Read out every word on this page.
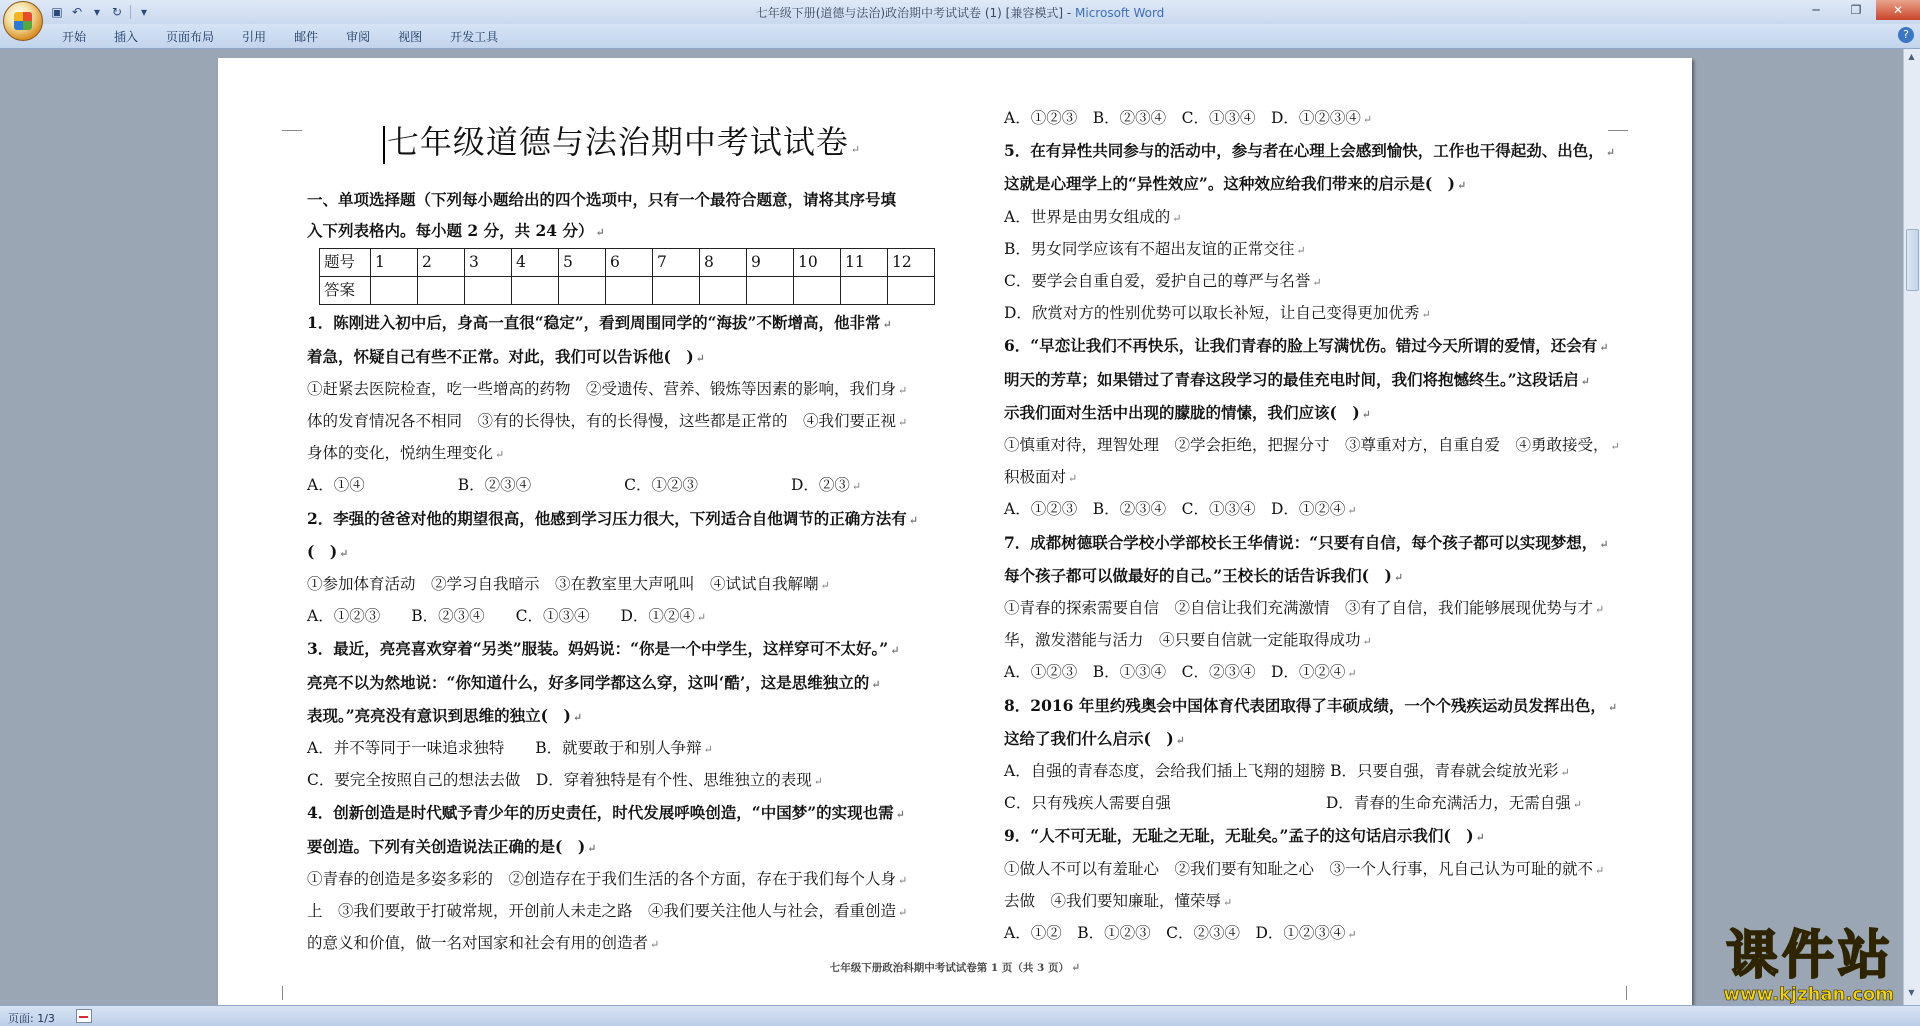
▣ ↶ ▾ ↻	▾	七年级下册(道德与法治)政治期中考试试卷 (1) [兼容模式] - Microsoft Word	─	❐	✕
开始	插入	页面布局	引用	邮件	审阅	视图	开发工具	?
七年级道德与法治期中考试试卷 ↵
一、单项选择题（下列每小题给出的四个选项中，只有一个最符合题意，请将其序号填
入下列表格内。每小题 2 分，共 24 分） ↵
题号	1	2	3	4	5	6	7	8	9	10	11	12
答案												
1．陈刚进入初中后，身高一直很“稳定”，看到周围同学的“海拔”不断增高，他非常 ↵
着急，怀疑自己有些不正常。对此，我们可以告诉他(　) ↵
①赶紧去医院检查，吃一些增高的药物　②受遗传、营养、锻炼等因素的影响，我们身 ↵
体的发育情况各不相同　③有的长得快，有的长得慢，这些都是正常的　④我们要正视 ↵
身体的变化，悦纳生理变化 ↵
A．①④　　　　　　B．②③④　　　　　　C．①②③　　　　　　D．②③ ↵
2．李强的爸爸对他的期望很高，他感到学习压力很大，下列适合自他调节的正确方法有 ↵
(　) ↵
①参加体育活动　②学习自我暗示　③在教室里大声吼叫　④试试自我解嘲 ↵
A．①②③　　B．②③④　　C．①③④　　D．①②④ ↵
3．最近，亮亮喜欢穿着“另类”服装。妈妈说：“你是一个中学生，这样穿可不太好。” ↵
亮亮不以为然地说：“你知道什么，好多同学都这么穿，这叫‘酷’，这是思维独立的 ↵
表现。”亮亮没有意识到思维的独立(　) ↵
A．并不等同于一味追求独特　　B．就要敢于和别人争辩 ↵
C．要完全按照自己的想法去做　D．穿着独特是有个性、思维独立的表现 ↵
4．创新创造是时代赋予青少年的历史责任，时代发展呼唤创造，“中国梦”的实现也需 ↵
要创造。下列有关创造说法正确的是(　) ↵
①青春的创造是多姿多彩的　②创造存在于我们生活的各个方面，存在于我们每个人身 ↵
上　③我们要敢于打破常规，开创前人未走之路　④我们要关注他人与社会，看重创造 ↵
的意义和价值，做一名对国家和社会有用的创造者 ↵
A．①②③　B．②③④　C．①③④　D．①②③④ ↵
5．在有异性共同参与的活动中，参与者在心理上会感到愉快，工作也干得起劲、出色， ↵
这就是心理学上的“异性效应”。这种效应给我们带来的启示是(　) ↵
A．世界是由男女组成的 ↵
B．男女同学应该有不超出友谊的正常交往 ↵
C．要学会自重自爱，爱护自己的尊严与名誉 ↵
D．欣赏对方的性别优势可以取长补短，让自己变得更加优秀 ↵
6．“早恋让我们不再快乐，让我们青春的脸上写满忧伤。错过今天所谓的爱情，还会有 ↵
明天的芳草；如果错过了青春这段学习的最佳充电时间，我们将抱憾终生。”这段话启 ↵
示我们面对生活中出现的朦胧的情愫，我们应该(　) ↵
①慎重对待，理智处理　②学会拒绝，把握分寸　③尊重对方，自重自爱　④勇敢接受， ↵
积极面对 ↵
A．①②③　B．②③④　C．①③④　D．①②④ ↵
7．成都树德联合学校小学部校长王华倩说：“只要有自信，每个孩子都可以实现梦想， ↵
每个孩子都可以做最好的自己。”王校长的话告诉我们(　) ↵
①青春的探索需要自信　②自信让我们充满激情　③有了自信，我们能够展现优势与才 ↵
华，激发潜能与活力　④只要自信就一定能取得成功 ↵
A．①②③　B．①③④　C．②③④　D．①②④ ↵
8．2016 年里约残奥会中国体育代表团取得了丰硕成绩，一个个残疾运动员发挥出色， ↵
这给了我们什么启示(　) ↵
A．自强的青春态度，会给我们插上飞翔的翅膀 B．只要自强，青春就会绽放光彩 ↵
C．只有残疾人需要自强　　　　　　　　　　D．青春的生命充满活力，无需自强 ↵
9．“人不可无耻，无耻之无耻，无耻矣。”孟子的这句话启示我们(　) ↵
①做人不可以有羞耻心　②我们要有知耻之心　③一个人行事，凡自己认为可耻的就不 ↵
去做　④我们要知廉耻，懂荣辱 ↵
A．①②　B．①②③　C．②③④　D．①②③④ ↵
七年级下册政治科期中考试试卷第 1 页（共 3 页） ↵
▲
▼
页面: 1/3
课件站
www.kjzhan.com
